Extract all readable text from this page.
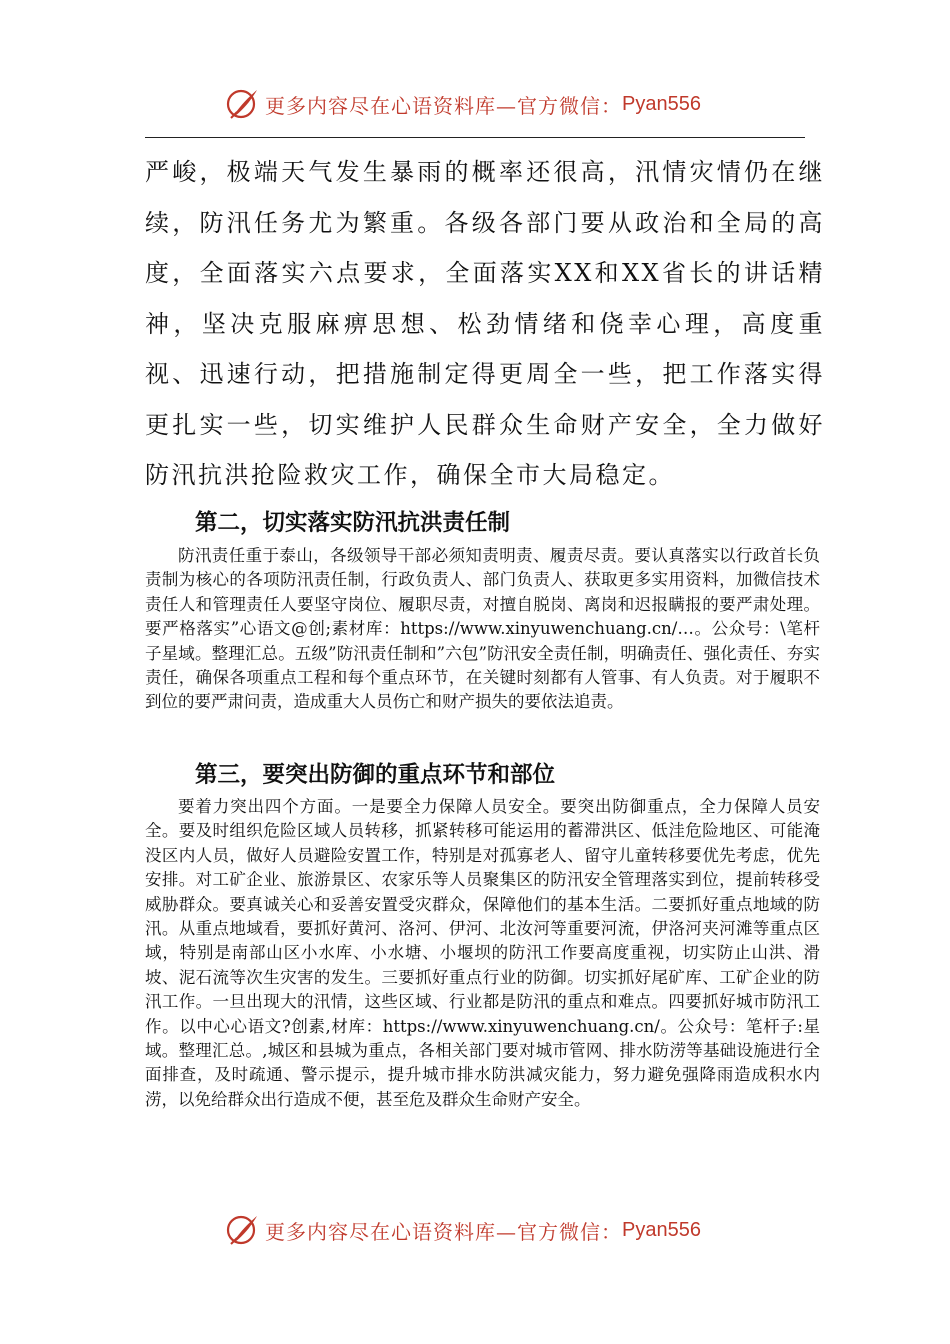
更多内容尽在心语资料库—官方微信： Pyan556

严峻，极端天气发生暴雨的概率还很高，汛情灾情仍在继续，防汛任务尤为繁重。各级各部门要从政治和全局的高度，全面落实六点要求，全面落实XX和XX省长的讲话精神，坚决克服麻痹思想、松劲情绪和侥幸心理，高度重视、迅速行动，把措施制定得更周全一些，把工作落实得更扎实一些，切实维护人民群众生命财产安全，全力做好防汛抗洪抢险救灾工作，确保全市大局稳定。

第二，切实落实防汛抗洪责任制

防汛责任重于泰山，各级领导干部必须知责明责、履责尽责。要认真落实以行政首长负责制为核心的各项防汛责任制，行政负责人、部门负责人、获取更多实用资料，加微信技术责任人和管理责任人要坚守岗位、履职尽责，对擅自脱岗、离岗和迟报瞒报的要严肃处理。要严格落实”心语文@创;素材库：https://www.xinyuwenchuang.cn/…。公众号：\笔杆子星域。整理汇总。五级”防汛责任制和”六包”防汛安全责任制，明确责任、强化责任、夯实责任，确保各项重点工程和每个重点环节，在关键时刻都有人管事、有人负责。对于履职不到位的要严肃问责，造成重大人员伤亡和财产损失的要依法追责。

第三，要突出防御的重点环节和部位

要着力突出四个方面。一是要全力保障人员安全。要突出防御重点，全力保障人员安全。要及时组织危险区域人员转移，抓紧转移可能运用的蓄滞洪区、低洼危险地区、可能淹没区内人员，做好人员避险安置工作，特别是对孤寡老人、留守儿童转移要优先考虑，优先安排。对工矿企业、旅游景区、农家乐等人员聚集区的防汛安全管理落实到位，提前转移受威胁群众。要真诚关心和妥善安置受灾群众，保障他们的基本生活。二要抓好重点地域的防汛。从重点地域看，要抓好黄河、洛河、伊河、北汝河等重要河流，伊洛河夹河滩等重点区域，特别是南部山区小水库、小水塘、小堰坝的防汛工作要高度重视，切实防止山洪、滑坡、泥石流等次生灾害的发生。三要抓好重点行业的防御。切实抓好尾矿库、工矿企业的防汛工作。一旦出现大的汛情，这些区域、行业都是防汛的重点和难点。四要抓好城市防汛工作。以中心心语文?创素,材库：https://www.xinyuwenchuang.cn/。公众号：笔杆子:星域。整理汇总。,城区和县城为重点，各相关部门要对城市管网、排水防涝等基础设施进行全面排查，及时疏通、警示提示，提升城市排水防洪减灾能力，努力避免强降雨造成积水内涝，以免给群众出行造成不便，甚至危及群众生命财产安全。

更多内容尽在心语资料库—官方微信： Pyan556
